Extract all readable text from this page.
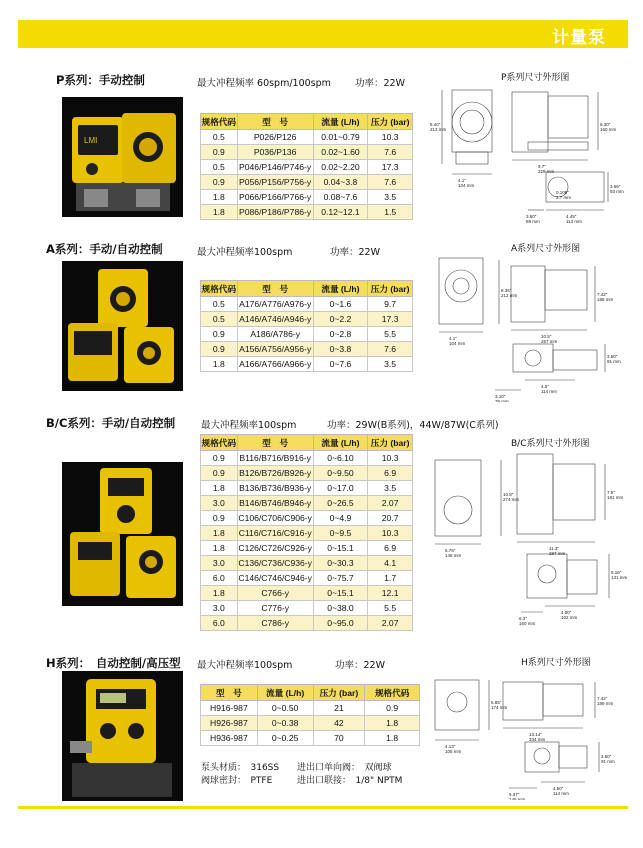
计量泵
P系列：手动控制	最大冲程频率 60spm/100spm	功率：22W	P系列尺寸外形图
LMI
规格代码	型　号	流量 (L/h)	压力 (bar)
0.5	P026/P126	0.01~0.79	10.3
0.9	P036/P136	0.02~1.60	7.6
0.5	P046/P146/P746-y	0.02~2.20	17.3
0.9	P056/P156/P756-y	0.04~3.8	7.6
1.8	P066/P166/P766-y	0.08~7.6	3.5
1.8	P086/P186/P786-y	0.12~12.1	1.5
8.40" 213 mm
4.1" 104 mm
9.7" 229 mm
6.30" 160 mm
0.106" 2.7 mm
3.66" 93 mm
4.45" 113 mm
3.50" 89 mm
A系列：手动/自动控制	最大冲程频率100spm	功率：22W	A系列尺寸外形图
规格代码	型　号	流量 (L/h)	压力 (bar)
0.5	A176/A776/A976-y	0~1.6	9.7
0.5	A146/A746/A946-y	0~2.2	17.3
0.9	A186/A786-y	0~2.8	5.5
0.9	A156/A756/A956-y	0~3.8	7.6
1.8	A166/A766/A966-y	0~7.6	3.5
8.35" 212 mm	7.42" 189 mm
4.1" 104 mm
10.5" 267 mm
3.60" 91 mm
4.5" 114 mm
3.10" 79 mm
B/C系列：手动/自动控制	最大冲程频率100spm	功率：29W(B系列)，44W/87W(C系列)
B/C系列尺寸外形图
规格代码	型　号	流量 (L/h)	压力 (bar)
0.9	B116/B716/B916-y	0~6.10	10.3
0.9	B126/B726/B926-y	0~9.50	6.9
1.8	B136/B736/B936-y	0~17.0	3.5
3.0	B146/B746/B946-y	0~26.5	2.07
0.9	C106/C706/C906-y	0~4.9	20.7
1.8	C116/C716/C916-y	0~9.5	10.3
1.8	C126/C726/C926-y	0~15.1	6.9
3.0	C136/C736/C936-y	0~30.3	4.1
6.0	C146/C746/C946-y	0~75.7	1.7
1.8	C766-y	0~15.1	12.1
3.0	C776-y	0~38.0	5.5
6.0	C786-y	0~95.0	2.07
10.8" 274 mm
7.5" 191 mm
5.75" 146 mm
11.3" 287 mm
5.16" 131 mm
4.00" 102 mm
6.3" 160 mm
H系列：　自动控制/高压型 最大冲程频率100spm	功率：22W	H系列尺寸外形图
型　号	流量 (L/h)	压力 (bar)	规格代码
H916-987	0~0.50	21	0.9
H926-987	0~0.38	42	1.8
H936-987	0~0.25	70	1.8
泵头材质：　316SS
阀球密封：　PTFE
进出口单向阀：　双阀球
进出口联接：　1/8" NPTM
6.85" 174 mm
7.42" 189 mm
13.14" 334 mm
4.13" 105 mm
3.60" 91 mm
4.50" 114 mm
5.37" 145 mm
